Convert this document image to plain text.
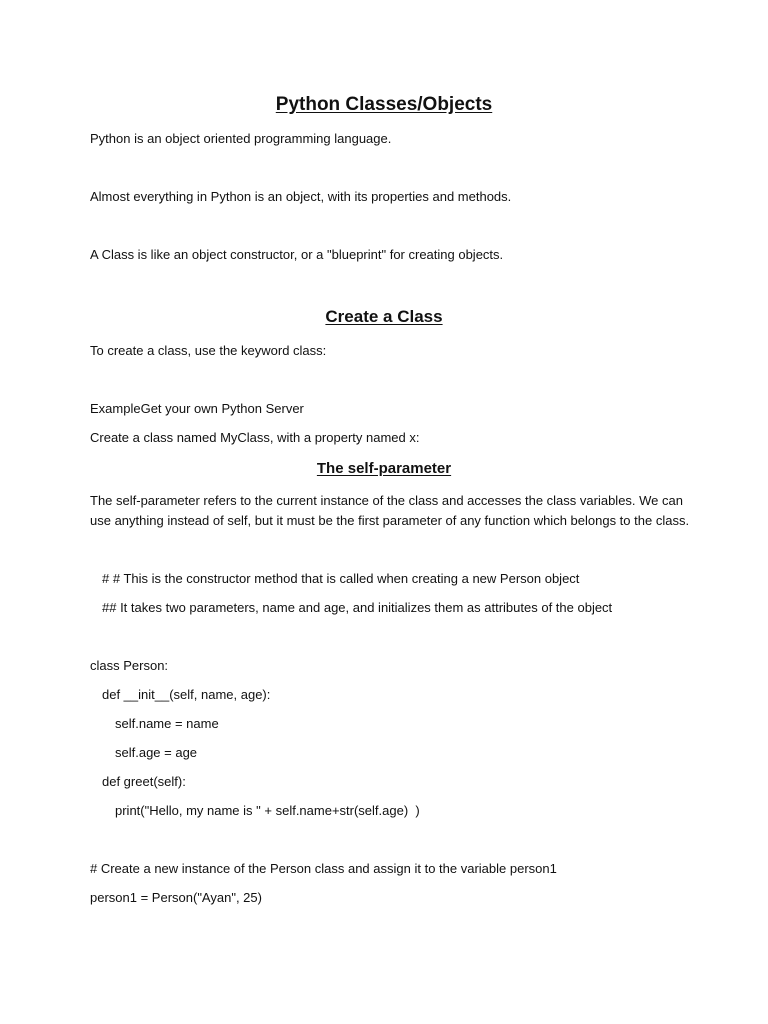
Python Classes/Objects
Python is an object oriented programming language.
Almost everything in Python is an object, with its properties and methods.
A Class is like an object constructor, or a "blueprint" for creating objects.
Create a Class
To create a class, use the keyword class:
ExampleGet your own Python Server
Create a class named MyClass, with a property named x:
The self-parameter
The self-parameter refers to the current instance of the class and accesses the class variables. We can use anything instead of self, but it must be the first parameter of any function which belongs to the class.
# # This is the constructor method that is called when creating a new Person object
## It takes two parameters, name and age, and initializes them as attributes of the object
class Person:
def __init__(self, name, age):
self.name = name
self.age = age
def greet(self):
print("Hello, my name is " + self.name+str(self.age)  )
# Create a new instance of the Person class and assign it to the variable person1
person1 = Person("Ayan", 25)
